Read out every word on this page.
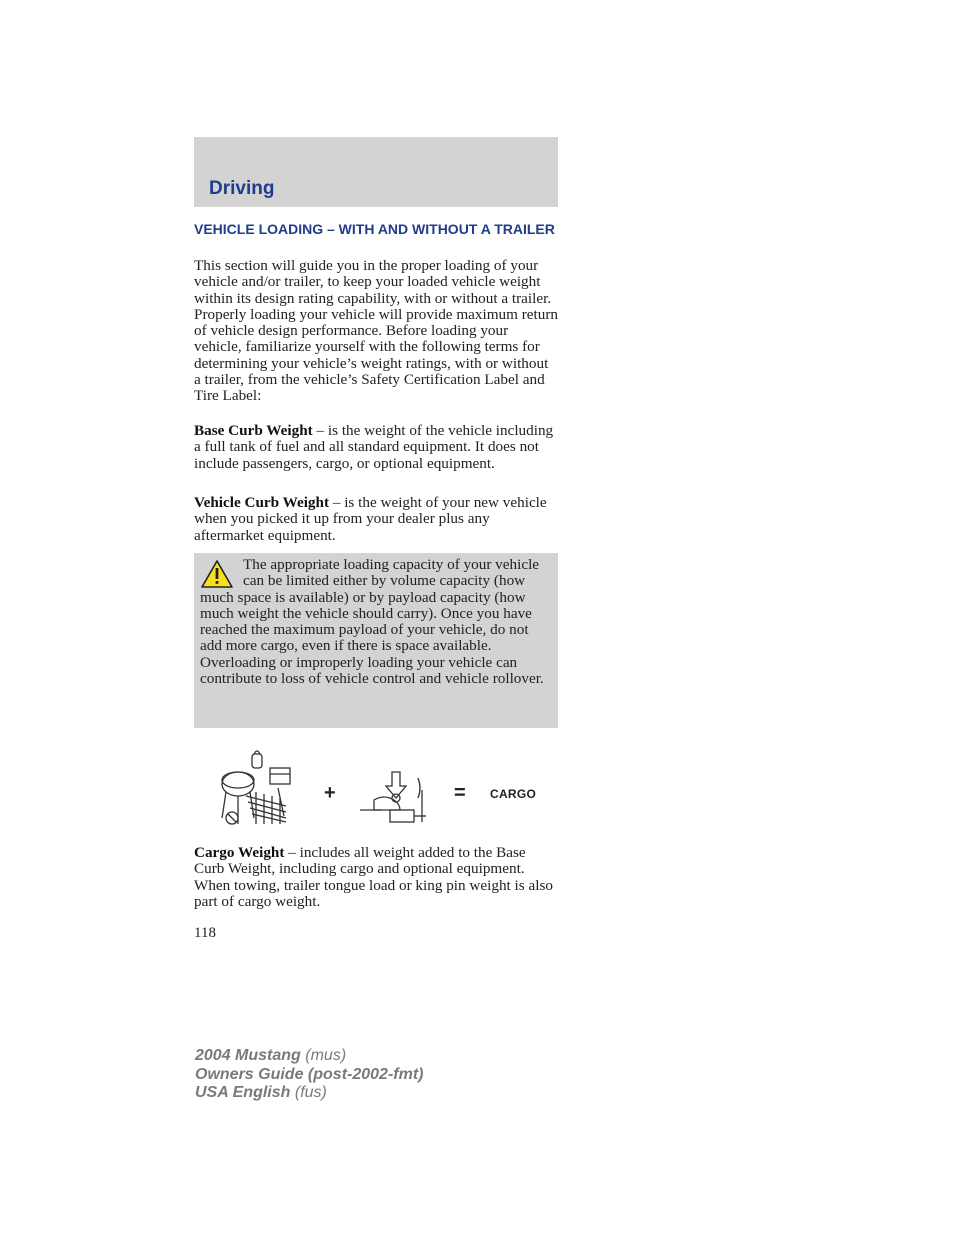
Driving
VEHICLE LOADING – WITH AND WITHOUT A TRAILER
This section will guide you in the proper loading of your vehicle and/or trailer, to keep your loaded vehicle weight within its design rating capability, with or without a trailer. Properly loading your vehicle will provide maximum return of vehicle design performance. Before loading your vehicle, familiarize yourself with the following terms for determining your vehicle’s weight ratings, with or without a trailer, from the vehicle’s Safety Certification Label and Tire Label:
Base Curb Weight – is the weight of the vehicle including a full tank of fuel and all standard equipment. It does not include passengers, cargo, or optional equipment.
Vehicle Curb Weight – is the weight of your new vehicle when you picked it up from your dealer plus any aftermarket equipment.
The appropriate loading capacity of your vehicle can be limited either by volume capacity (how much space is available) or by payload capacity (how much weight the vehicle should carry). Once you have reached the maximum payload of your vehicle, do not add more cargo, even if there is space available. Overloading or improperly loading your vehicle can contribute to loss of vehicle control and vehicle rollover.
+	= CARGO
Cargo Weight – includes all weight added to the Base Curb Weight, including cargo and optional equipment. When towing, trailer tongue load or king pin weight is also part of cargo weight.
118
2004 Mustang (mus)
Owners Guide (post-2002-fmt)
USA English (fus)
